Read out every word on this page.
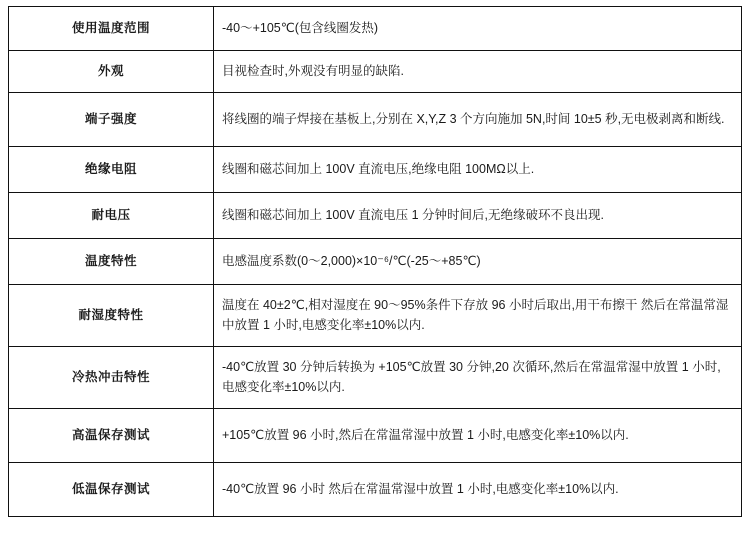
使用温度范围	-40～+105℃(包含线圈发热)
外观	目视检查时,外观没有明显的缺陷.
端子强度	将线圈的端子焊接在基板上,分别在 X,Y,Z 3 个方向施加 5N,时间 10±5 秒,无电极剥离和断线.
绝缘电阻	线圈和磁芯间加上 100V 直流电压,绝缘电阻 100MΩ以上.
耐电压	线圈和磁芯间加上 100V 直流电压 1 分钟时间后,无绝缘破环不良出现.
温度特性	电感温度系数(0～2,000)×10⁻⁶/℃(-25～+85℃)
耐湿度特性	温度在 40±2℃,相对湿度在 90～95%条件下存放 96 小时后取出,用干布擦干 然后在常温常湿中放置 1 小时,电感变化率±10%以内.
冷热冲击特性	-40℃放置 30 分钟后转换为 +105℃放置 30 分钟,20 次循环,然后在常温常湿中放置 1 小时,电感变化率±10%以内.
高温保存测试	+105℃放置 96 小时,然后在常温常湿中放置 1 小时,电感变化率±10%以内.
低温保存测试	-40℃放置 96 小时 然后在常温常湿中放置 1 小时,电感变化率±10%以内.
